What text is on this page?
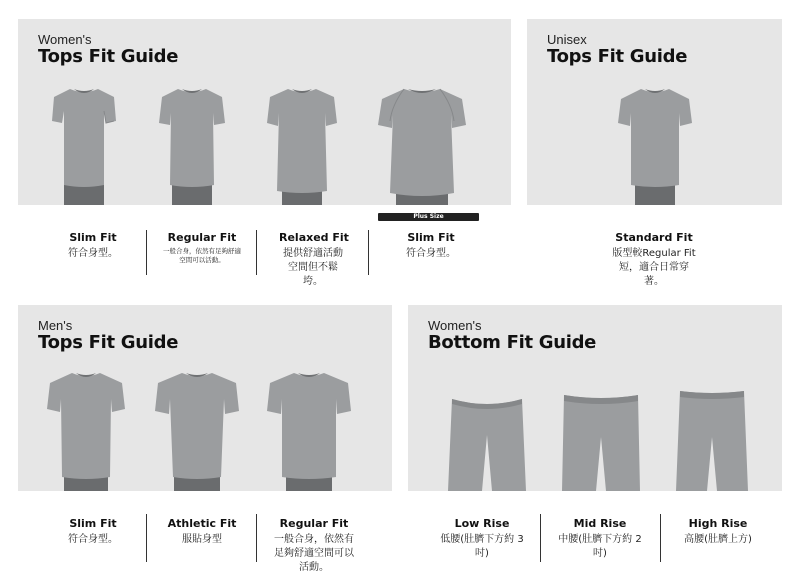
Women's
Tops Fit Guide
Plus Size
Slim Fit
符合身型。
Regular Fit
一般合身，依然有足夠舒適空間可以活動。
Relaxed Fit
提供舒適活動空間但不鬆垮。
Slim Fit
符合身型。
Unisex
Tops Fit Guide
Standard Fit
版型較Regular Fit短，適合日常穿著。
Men's
Tops Fit Guide
Slim Fit
符合身型。
Athletic Fit
服貼身型
Regular Fit
一般合身，依然有足夠舒適空間可以活動。
Women's
Bottom Fit Guide
Low Rise
低腰(肚臍下方約 3 吋)
Mid Rise
中腰(肚臍下方約 2 吋)
High Rise
高腰(肚臍上方)
